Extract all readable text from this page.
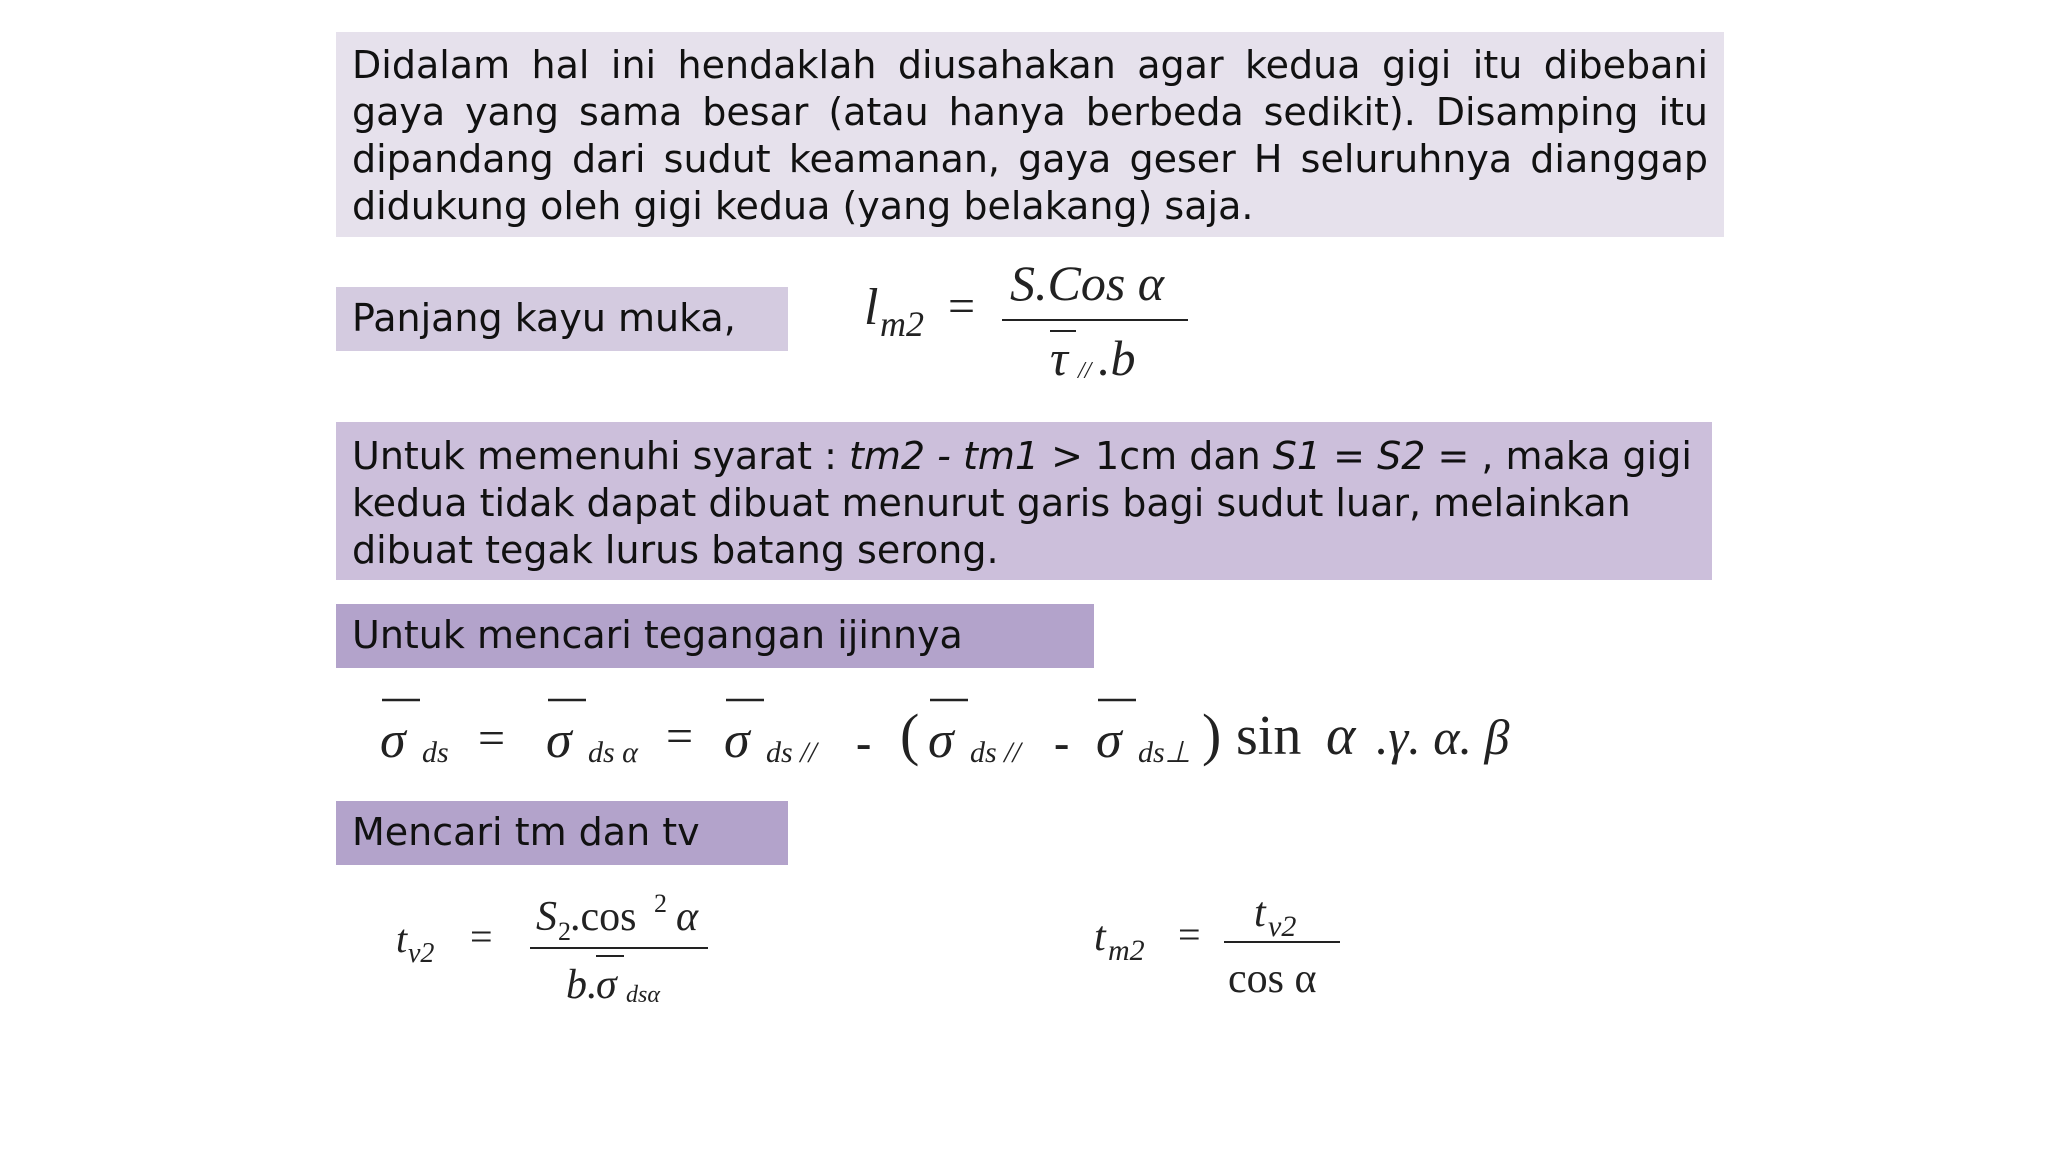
Didalam hal ini hendaklah diusahakan agar kedua gigi itu dibebani gaya yang sama besar (atau hanya berbeda sedikit). Disamping itu dipandang dari sudut keamanan, gaya geser H seluruhnya dianggap didukung oleh gigi kedua (yang belakang) saja.
Panjang kayu muka,
Untuk memenuhi syarat : tm2 - tm1 > 1cm dan S1 = S2 = , maka gigi kedua tidak dapat dibuat menurut garis bagi sudut luar, melainkan dibuat tegak lurus batang serong.
Untuk mencari tegangan ijinnya
Mencari tm dan tv
l m2 = S.Cos α
τ // .b
σ ds = σ ds α = σ ds // - ( σ ds // - σ ds⊥ ) sin α .γ. α. β
t v2 = S 2 .cos 2 α
b.
σ dsα
t m2 = t v2
cos α
